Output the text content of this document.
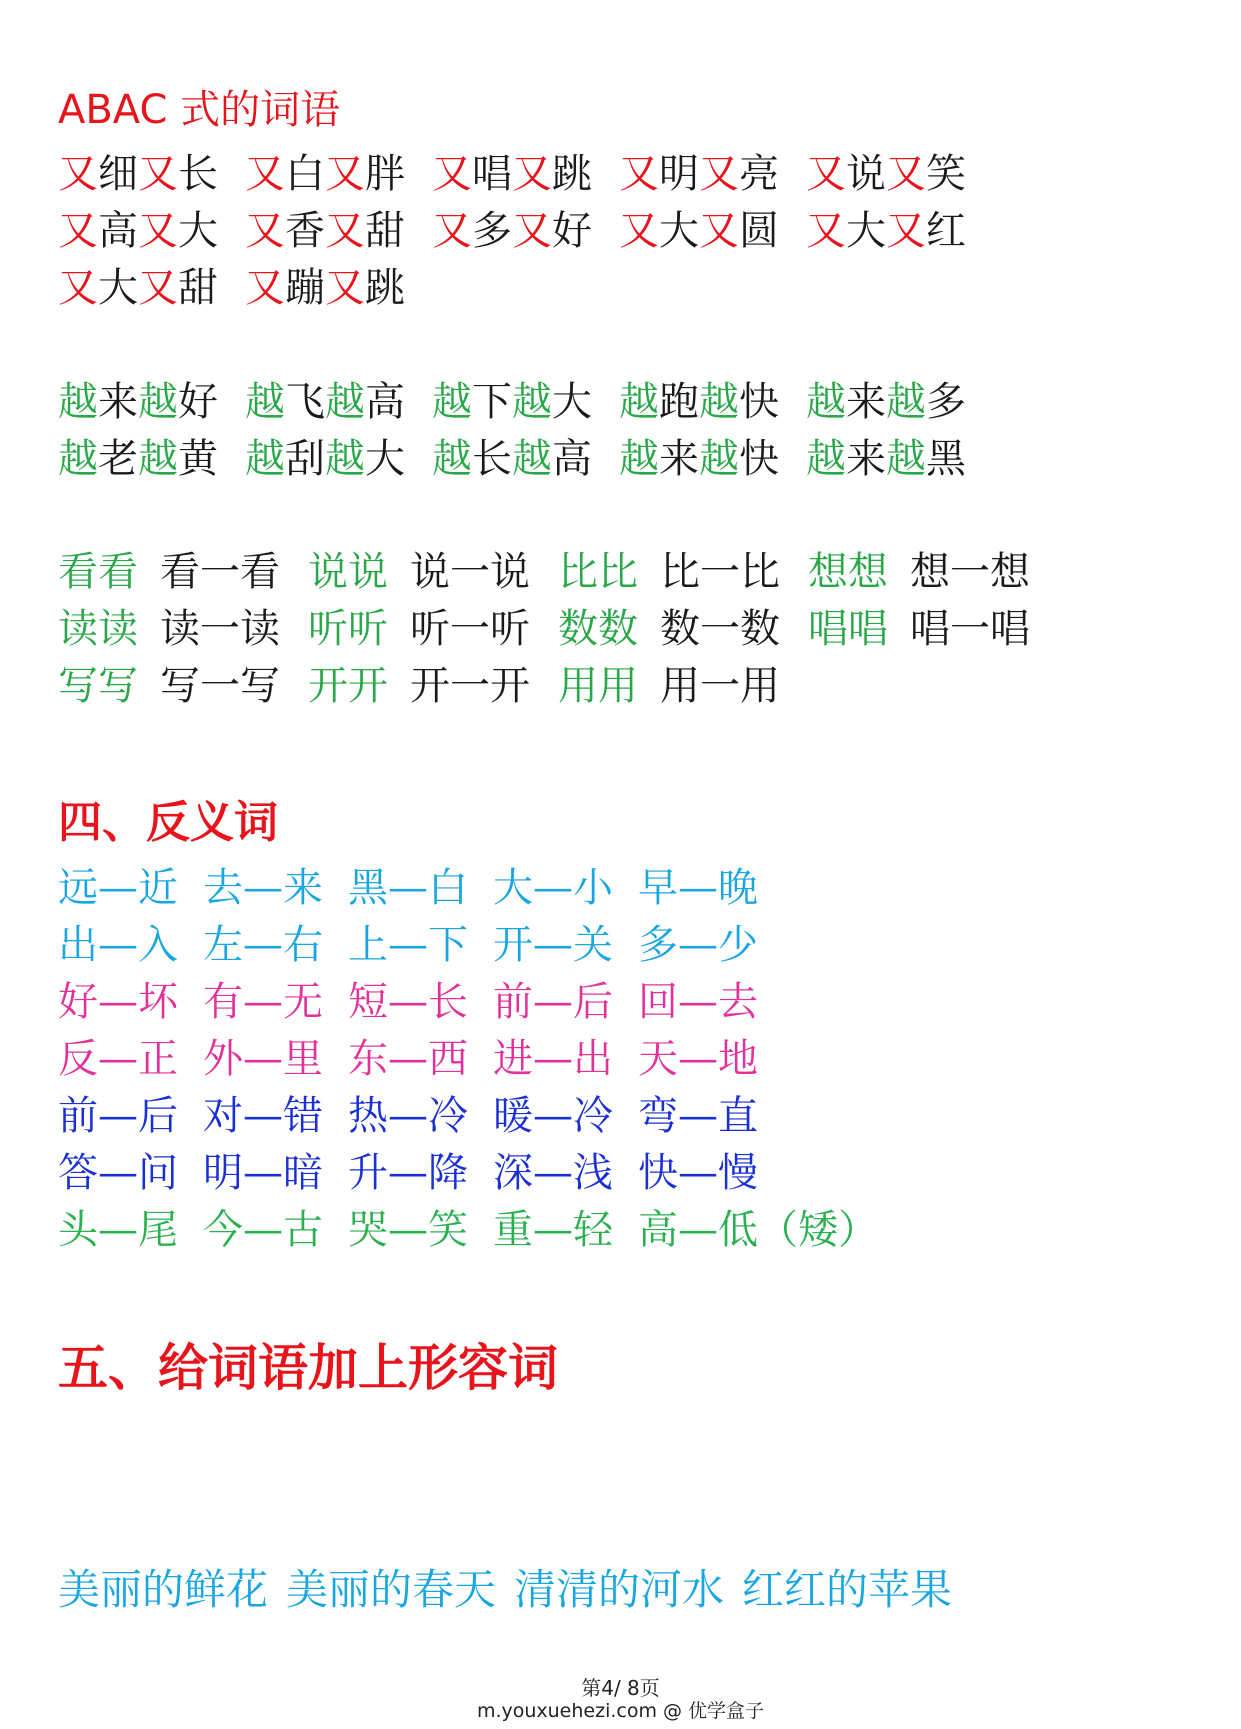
ABAC 式的词语
又细又长 又白又胖 又唱又跳 又明又亮 又说又笑
又高又大 又香又甜 又多又好 又大又圆 又大又红
又大又甜 又蹦又跳
越来越好 越飞越高 越下越大 越跑越快 越来越多
越老越黄 越刮越大 越长越高 越来越快 越来越黑
看看 看一看 说说 说一说 比比 比一比 想想 想一想
读读 读一读 听听 听一听 数数 数一数 唱唱 唱一唱
写写 写一写 开开 开一开 用用 用一用
四、反义词
远—近 去—来 黑—白 大—小 早—晚
出—入 左—右 上—下 开—关 多—少
好—坏 有—无 短—长 前—后 回—去
反—正 外—里 东—西 进—出 天—地
前—后 对—错 热—冷 暖—冷 弯—直
答—问 明—暗 升—降 深—浅 快—慢
头—尾 今—古 哭—笑 重—轻 高—低（矮）
五、给词语加上形容词
美丽的鲜花 美丽的春天 清清的河水 红红的苹果
第4/ 8页
m.youxuehezi.com @ 优学盒子
